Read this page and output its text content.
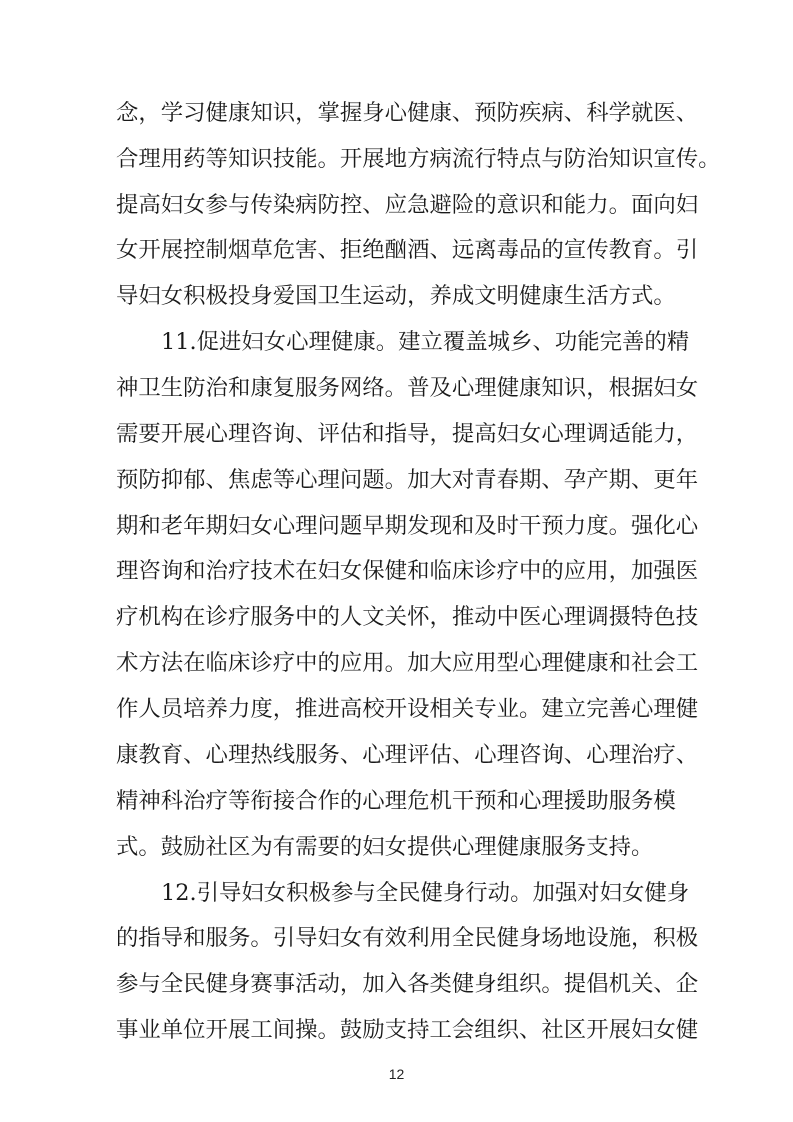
念，学习健康知识，掌握身心健康、预防疾病、科学就医、
合理用药等知识技能。开展地方病流行特点与防治知识宣传。
提高妇女参与传染病防控、应急避险的意识和能力。面向妇
女开展控制烟草危害、拒绝酗酒、远离毒品的宣传教育。引
导妇女积极投身爱国卫生运动，养成文明健康生活方式。
11.促进妇女心理健康。建立覆盖城乡、功能完善的精
神卫生防治和康复服务网络。普及心理健康知识，根据妇女
需要开展心理咨询、评估和指导，提高妇女心理调适能力，
预防抑郁、焦虑等心理问题。加大对青春期、孕产期、更年
期和老年期妇女心理问题早期发现和及时干预力度。强化心
理咨询和治疗技术在妇女保健和临床诊疗中的应用，加强医
疗机构在诊疗服务中的人文关怀，推动中医心理调摄特色技
术方法在临床诊疗中的应用。加大应用型心理健康和社会工
作人员培养力度，推进高校开设相关专业。建立完善心理健
康教育、心理热线服务、心理评估、心理咨询、心理治疗、
精神科治疗等衔接合作的心理危机干预和心理援助服务模
式。鼓励社区为有需要的妇女提供心理健康服务支持。
12.引导妇女积极参与全民健身行动。加强对妇女健身
的指导和服务。引导妇女有效利用全民健身场地设施，积极
参与全民健身赛事活动，加入各类健身组织。提倡机关、企
事业单位开展工间操。鼓励支持工会组织、社区开展妇女健
12
